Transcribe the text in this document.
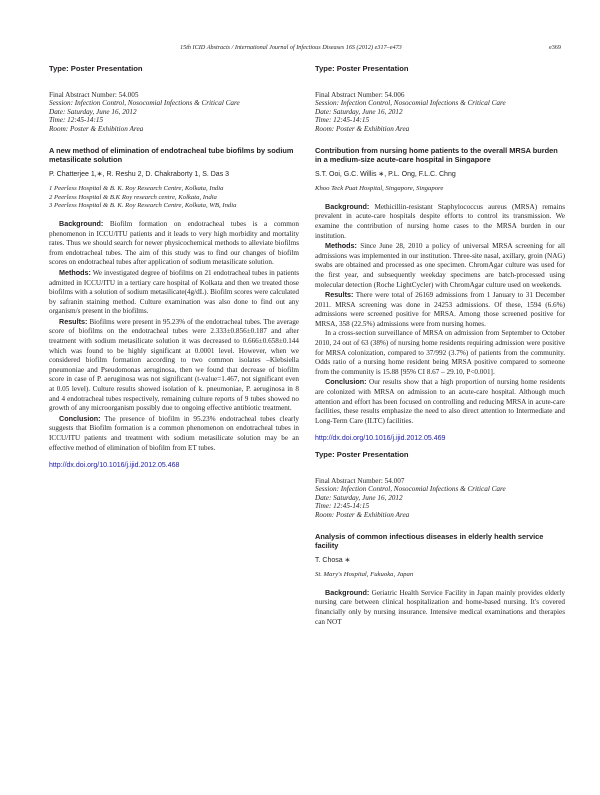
15th ICID Abstracts / International Journal of Infectious Diseases 16S (2012) e317–e473	e369
Type: Poster Presentation
Final Abstract Number: 54.005
Session: Infection Control, Nosocomial Infections & Critical Care
Date: Saturday, June 16, 2012
Time: 12:45-14:15
Room: Poster & Exhibition Area
A new method of elimination of endotracheal tube biofilms by sodium metasilicate solution
P. Chatterjee 1,∗, R. Reshu 2, D. Chakraborty 1, S. Das 3
1 Peerless Hospital & B. K. Roy Research Centre, Kolkata, India
2 Peerless Hospital & B.K Roy research centre, Kolkata, India
3 Peerless Hospital & B. K. Roy Research Centre, Kolkata, WB, India

Background: Biofilm formation on endotracheal tubes is a common phenomenon in ICCU/ITU patients and it leads to very high morbidity and mortality rates. Thus we should search for newer physicochemical methods to alleviate biofilms from endotracheal tubes. The aim of this study was to find our changes of biofilm scores on endotracheal tubes after application of sodium metasilicate solution.

Methods: We investigated degree of biofilms on 21 endotracheal tubes in patients admitted in ICCU/ITU in a tertiary care hospital of Kolkata and then we treated those biofilms with a solution of sodium metasilicate(4g/dL). Biofilm scores were calculated by safranin staining method. Culture examination was also done to find out any organism/s present in the biofilms.

Results: Biofilms were present in 95.23% of the endotracheal tubes. The average score of biofilms on the endotracheal tubes were 2.333±0.856±0.187 and after treatment with sodium metasilicate solution it was decreased to 0.666±0.658±0.144 which was found to be highly significant at 0.0001 level. However, when we considered biofilm formation according to two common isolates –Klebsiella pneumoniae and Pseudomonas aeruginosa, then we found that decrease of biofilm score in case of P. aeruginosa was not significant (t-value=1.467, not significant even at 0.05 level). Culture results showed isolation of k. pneumoniae, P. aeruginosa in 8 and 4 endotracheal tubes respectively, remaining culture reports of 9 tubes showed no growth of any microorganism possibly due to ongoing effective antibiotic treatment.

Conclusion: The presence of biofilm in 95.23% endotracheal tubes clearly suggests that Biofilm formation is a common phenomenon on endotracheal tubes in ICCU/ITU patients and treatment with sodium metasilicate solution may be an effective method of elimination of biofilm from ET tubes.

http://dx.doi.org/10.1016/j.ijid.2012.05.468
Type: Poster Presentation
Final Abstract Number: 54.006
Session: Infection Control, Nosocomial Infections & Critical Care
Date: Saturday, June 16, 2012
Time: 12:45-14:15
Room: Poster & Exhibition Area
Contribution from nursing home patients to the overall MRSA burden in a medium-size acute-care hospital in Singapore
S.T. Ooi, G.C. Willis ∗, P.L. Ong, F.L.C. Chng
Khoo Teck Puat Hospital, Singapore, Singapore

Background: Methicillin-resistant Staphylococcus aureus (MRSA) remains prevalent in acute-care hospitals despite efforts to control its transmission. We examine the contribution of nursing home cases to the MRSA burden in our institution.

Methods: Since June 28, 2010 a policy of universal MRSA screening for all admissions was implemented in our institution. Three-site nasal, axillary, groin (NAG) swabs are obtained and processed as one specimen. ChromAgar culture was used for the first year, and subsequently weekday specimens are batch-processed using molecular detection (Roche LightCycler) with ChromAgar culture used on weekends.

Results: There were total of 26169 admissions from 1 January to 31 December 2011. MRSA screening was done in 24253 admissions. Of these, 1594 (6.6%) admissions were screened positive for MRSA. Among those screened positive for MRSA, 358 (22.5%) admissions were from nursing homes.

In a cross-section surveillance of MRSA on admission from September to October 2010, 24 out of 63 (38%) of nursing home residents requiring admission were positive for MRSA colonization, compared to 37/992 (3.7%) of patients from the community. Odds ratio of a nursing home resident being MRSA positive compared to someone from the community is 15.88 [95% CI 8.67 – 29.10, P<0.001].

Conclusion: Our results show that a high proportion of nursing home residents are colonized with MRSA on admission to an acute-care hospital. Although much attention and effort has been focused on controlling and reducing MRSA in acute-care facilities, these results emphasize the need to also direct attention to Intermediate and Long-Term Care (ILTC) facilities.

http://dx.doi.org/10.1016/j.ijid.2012.05.469
Type: Poster Presentation
Final Abstract Number: 54.007
Session: Infection Control, Nosocomial Infections & Critical Care
Date: Saturday, June 16, 2012
Time: 12:45-14:15
Room: Poster & Exhibition Area
Analysis of common infectious diseases in elderly health service facility
T. Chosa ∗
St. Mary's Hospital, Fukuoka, Japan

Background: Geriatric Health Service Facility in Japan mainly provides elderly nursing care between clinical hospitalization and home-based nursing. It's covered financially only by nursing insurance. Intensive medical examinations and therapies can NOT
